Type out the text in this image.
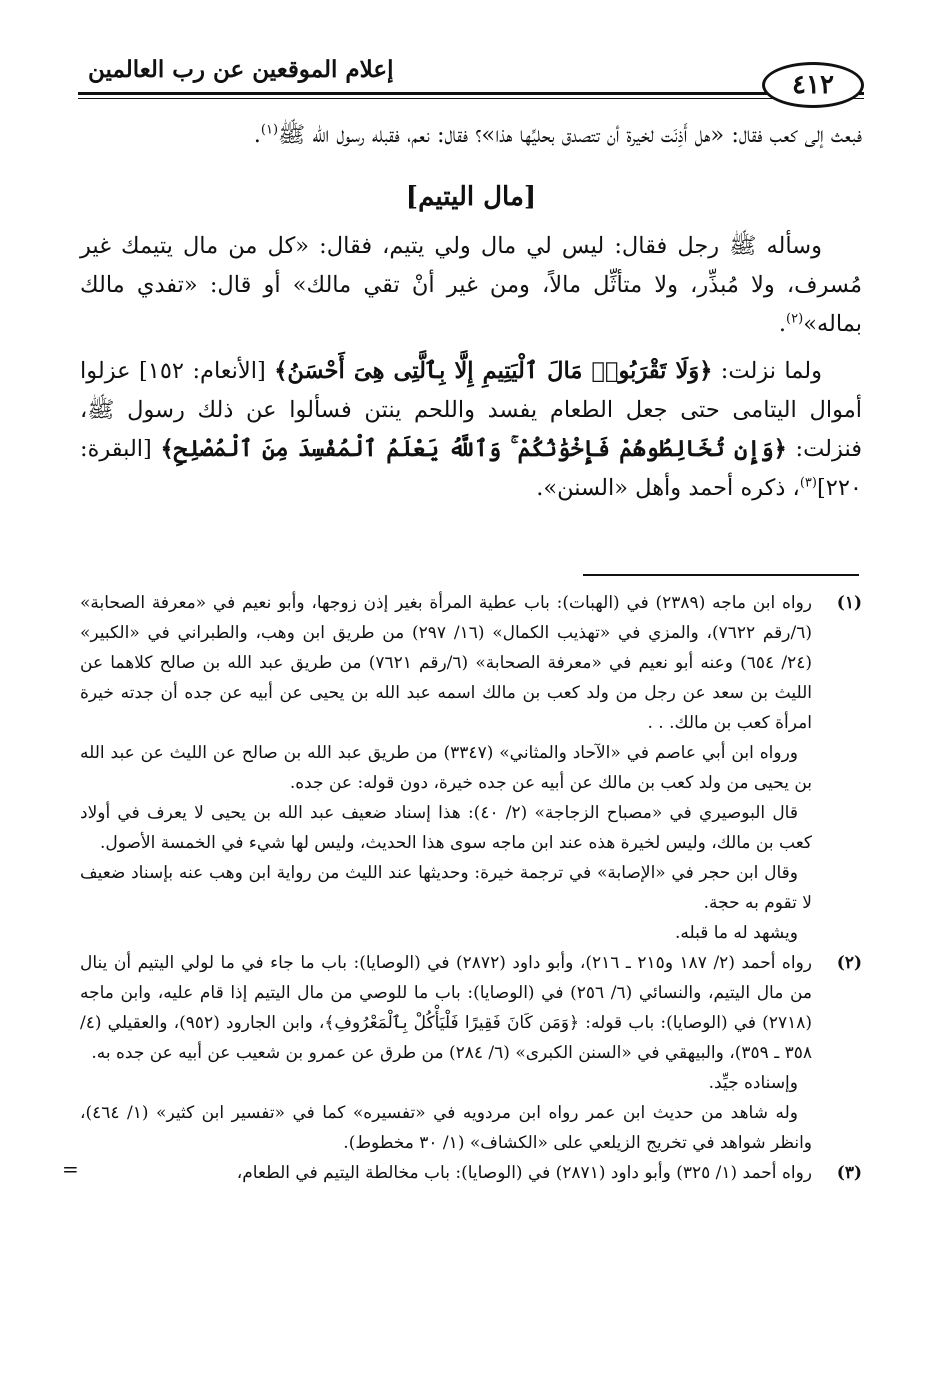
٤١٢
إعلام الموقعين عن رب العالمين

فبعث إلى كعب فقال: «هل أَذِنَت لخيرة أن تتصدق بحليِّها هذا»؟ فقال: نعم، فقبله رسول الله ﷺ$^{(١)}$.

[مال اليتيم]

وسأله ﷺ رجل فقال: ليس لي مال ولي يتيم، فقال: «كل من مال يتيمك غير مُسرف، ولا مُبذِّر، ولا متأثِّل مالاً، ومن غير أنْ تقي مالك» أو قال: «تفدي مالك بماله»$^{(٢)}$.

ولما نزلت: ﴿وَلَا تَقْرَبُوا۟ مَالَ ٱلْيَتِيمِ إِلَّا بِٱلَّتِى هِىَ أَحْسَنُ﴾ [الأنعام: ١٥٢] عزلوا أموال اليتامى حتى جعل الطعام يفسد واللحم ينتن فسألوا عن ذلك رسول ﷺ، فنزلت: ﴿وَإِن تُخَالِطُوهُمْ فَإِخْوَٰنُكُمْ ۚ وَٱللَّهُ يَعْلَمُ ٱلْمُفْسِدَ مِنَ ٱلْمُصْلِحِ﴾ [البقرة: ٢٢٠]$^{(٣)}$، ذكره أحمد وأهل «السنن».

(١)

رواه ابن ماجه (٢٣٨٩) في (الهبات): باب عطية المرأة بغير إذن زوجها، وأبو نعيم في «معرفة الصحابة» (٦/رقم ٧٦٢٢)، والمزي في «تهذيب الكمال» (١٦/ ٢٩٧) من طريق ابن وهب، والطبراني في «الكبير» (٢٤/ ٦٥٤) وعنه أبو نعيم في «معرفة الصحابة» (٦/رقم ٧٦٢١) من طريق عبد الله بن صالح كلاهما عن الليث بن سعد عن رجل من ولد كعب بن مالك اسمه عبد الله بن يحيى عن أبيه عن جده أن جدته خيرة امرأة كعب بن مالك. . .

ورواه ابن أبي عاصم في «الآحاد والمثاني» (٣٣٤٧) من طريق عبد الله بن صالح عن الليث عن عبد الله بن يحيى من ولد كعب بن مالك عن أبيه عن جده خيرة، دون قوله: عن جده.

قال البوصيري في «مصباح الزجاجة» (٢/ ٤٠): هذا إسناد ضعيف عبد الله بن يحيى لا يعرف في أولاد كعب بن مالك، وليس لخيرة هذه عند ابن ماجه سوى هذا الحديث، وليس لها شيء في الخمسة الأصول.

وقال ابن حجر في «الإصابة» في ترجمة خيرة: وحديثها عند الليث من رواية ابن وهب عنه بإسناد ضعيف لا تقوم به حجة.

ويشهد له ما قبله.

(٢)

رواه أحمد (٢/ ١٨٧ و٢١٥ ـ ٢١٦)، وأبو داود (٢٨٧٢) في (الوصايا): باب ما جاء في ما لولي اليتيم أن ينال من مال اليتيم، والنسائي (٦/ ٢٥٦) في (الوصايا): باب ما للوصي من مال اليتيم إذا قام عليه، وابن ماجه (٢٧١٨) في (الوصايا): باب قوله: ﴿وَمَن كَانَ فَقِيرًا فَلْيَأْكُلْ بِٱلْمَعْرُوفِ﴾، وابن الجارود (٩٥٢)، والعقيلي (٤/ ٣٥٨ ـ ٣٥٩)، والبيهقي في «السنن الكبرى» (٦/ ٢٨٤) من طرق عن عمرو بن شعيب عن أبيه عن جده به.

وإسناده جيِّد.

وله شاهد من حديث ابن عمر رواه ابن مردويه في «تفسيره» كما في «تفسير ابن كثير» (١/ ٤٦٤)، وانظر شواهد في تخريج الزيلعي على «الكشاف» (١/ ٣٠ مخطوط).

(٣)

رواه أحمد (١/ ٣٢٥) وأبو داود (٢٨٧١) في (الوصايا): باب مخالطة اليتيم في الطعام،

=
